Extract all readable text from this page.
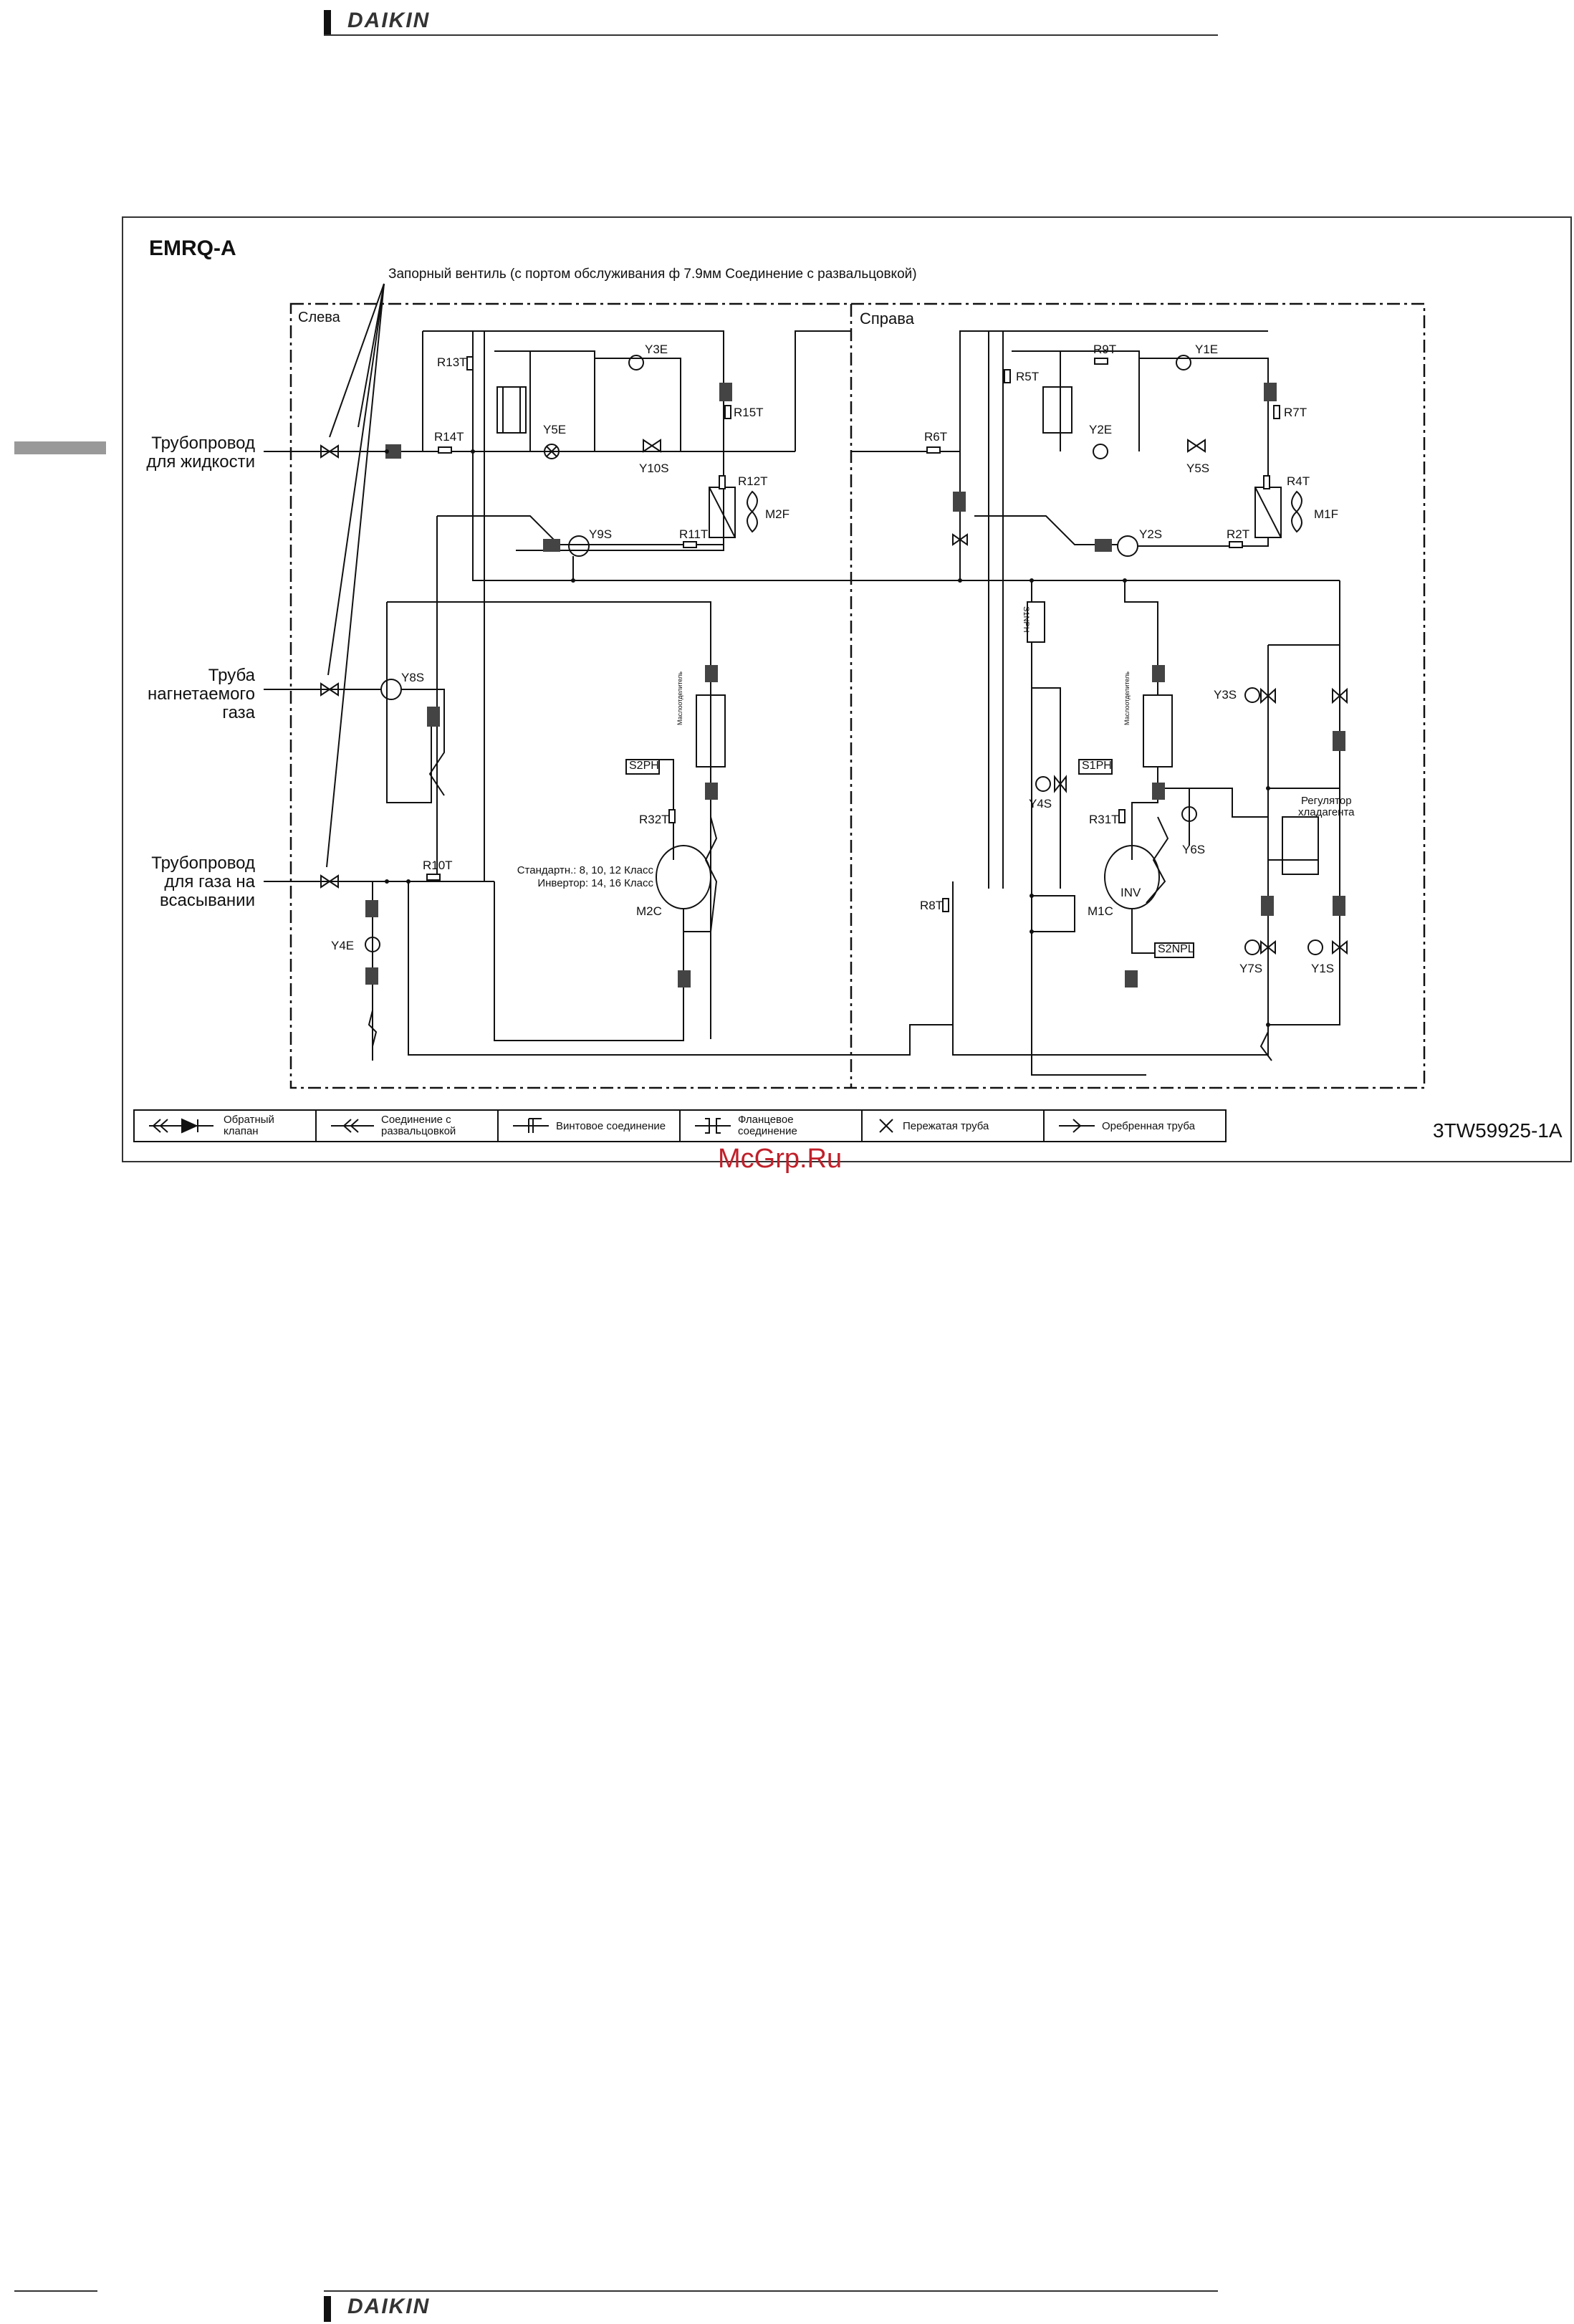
DAIKIN
EMRQ-A
Запорный вентиль (с портом обслуживания ф 7.9мм Соединение с развальцовкой)
Слева	Справа
Трубопровод
для жидкости
Труба
нагнетаемого
газа
Трубопровод
для газа на
всасывании
Стандартн.: 8, 10, 12 Класс
Инвертор: 14, 16 Класс
Регулятор
хладагента
Маслоотделитель	Маслоотделитель
R13T
Y3E
R15T
Y5E
Y10S
R14T
R12T
M2F
Y9S	R11T
Y8S
S2PH
R32T
R10T
M2C
Y4E
R9T	Y1E
R5T
R7T
Y2E
Y5S
R6T
R4T
M1F
Y2S	R2T
S1NPH
Y3S
Y4S
S1PH
R31T
Y6S
R8T
INV
M1C
S2NPL
Y7S	Y1S
Обратный клапан
Соединение с развальцовкой	Винтовое соединение	Фланцевое соединение	Пережатая труба	Оребренная труба	3TW59925-1A
McGrp.Ru
DAIKIN
